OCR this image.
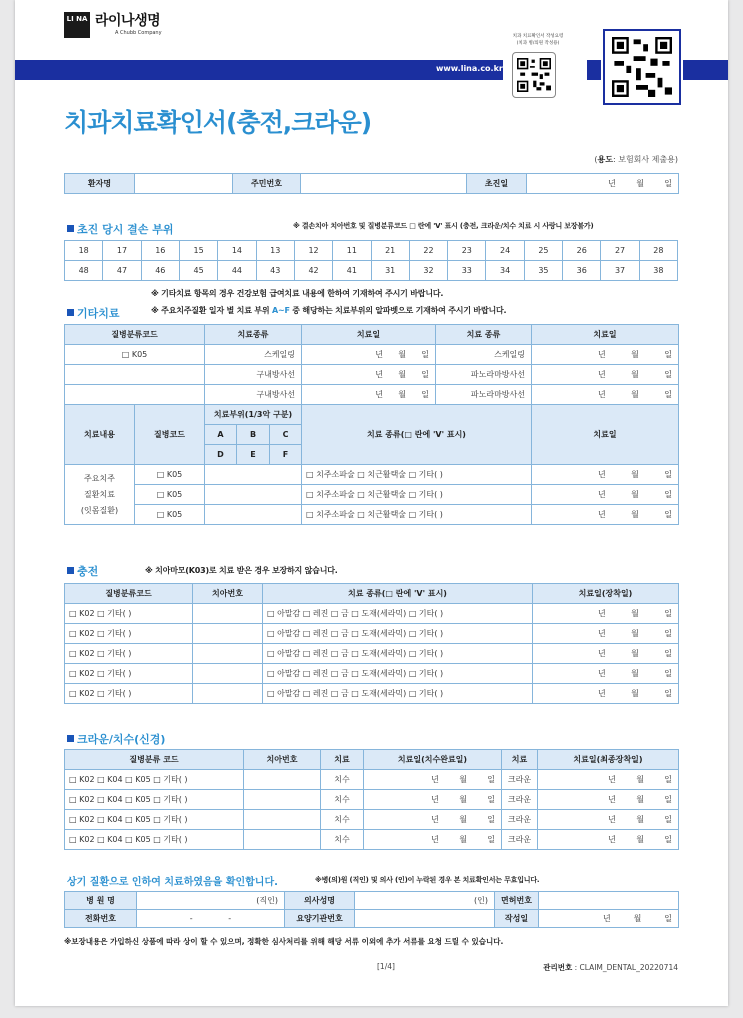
LI NA 라이나생명
A Chubb Company
www.lina.co.kr
치과 치료확인서 작성요령
(치과 병/의원 작성용)
치과치료확인서(충전,크라운)
(용도: 보험회사 제출용)
환자명		주민번호		초진일	년	월	일
초진 당시 결손 부위	※ 결손치아 치아번호 및 질병분류코드 □ 란에 'V' 표시 (충전, 크라운/치수 치료 시 사랑니 보장불가)
18	17	16	15	14	13	12	11	21	22	23	24	25	26	27	28
48	47	46	45	44	43	42	41	31	32	33	34	35	36	37	38
※ 기타치료 항목의 경우 건강보험 급여치료 내용에 한하여 기재하여 주시기 바랍니다.
기타치료	※ 주요치주질환 일자 별 치료 부위 A~F 중 해당하는 치료부위의 알파벳으로 기재하여 주시기 바랍니다.
질병분류코드	치료종류	치료일	치료 종류	치료일
□ K05	스케일링	년      월      일	스케일링	년          월          일
	구내방사선	년      월      일	파노라마방사선	년          월          일
	구내방사선	년      월      일	파노라마방사선	년          월          일
치료내용	질병코드	치료부위(1/3악 구분)			치료 종류(□ 란에 'V' 표시)	치료일
		A	B	C		
		D	E	F		

주요치주
질환치료
(잇몸질환)	□ K05				□ 치주소파술 □ 치근활택술 □ 기타( )	년          월          일
	□ K05				□ 치주소파술 □ 치근활택술 □ 기타( )	년          월          일
	□ K05				□ 치주소파술 □ 치근활택술 □ 기타( )	년          월          일
충전	※ 치아마모(K03)로 치료 받은 경우 보장하지 않습니다.
질병분류코드	치아번호	치료 종류(□ 란에 'V' 표시)	치료일(장착일)
□ K02 □ 기타( )		□ 아말감 □ 레진 □ 금 □ 도재(세라믹) □ 기타( )	년          월          일
□ K02 □ 기타( )		□ 아말감 □ 레진 □ 금 □ 도재(세라믹) □ 기타( )	년          월          일
□ K02 □ 기타( )		□ 아말감 □ 레진 □ 금 □ 도재(세라믹) □ 기타( )	년          월          일
□ K02 □ 기타( )		□ 아말감 □ 레진 □ 금 □ 도재(세라믹) □ 기타( )	년          월          일
□ K02 □ 기타( )		□ 아말감 □ 레진 □ 금 □ 도재(세라믹) □ 기타( )	년          월          일
크라운/치수(신경)
질병분류 코드	치아번호	치료	치료일(치수완료일)	치료	치료일(최종장착일)
□ K02 □ K04 □ K05 □ 기타( )		치수	년        월        일	크라운	년        월        일
□ K02 □ K04 □ K05 □ 기타( )		치수	년        월        일	크라운	년        월        일
□ K02 □ K04 □ K05 □ 기타( )		치수	년        월        일	크라운	년        월        일
□ K02 □ K04 □ K05 □ 기타( )		치수	년        월        일	크라운	년        월        일
상기 질환으로 인하여 치료하였음을 확인합니다.	※병(의)원 (직인) 및 의사 (인)이 누락된 경우 본 치료확인서는 무효입니다.
병 원 명	(직인)	의사성명	(인)	면허번호	
전화번호	- -	요양기관번호		작성일	년         월         일
※보장내용은 가입하신 상품에 따라 상이 할 수 있으며, 정확한 심사처리를 위해 해당 서류 이외에 추가 서류를 요청 드릴 수 있습니다.
[1/4]	관리번호 : CLAIM_DENTAL_20220714
